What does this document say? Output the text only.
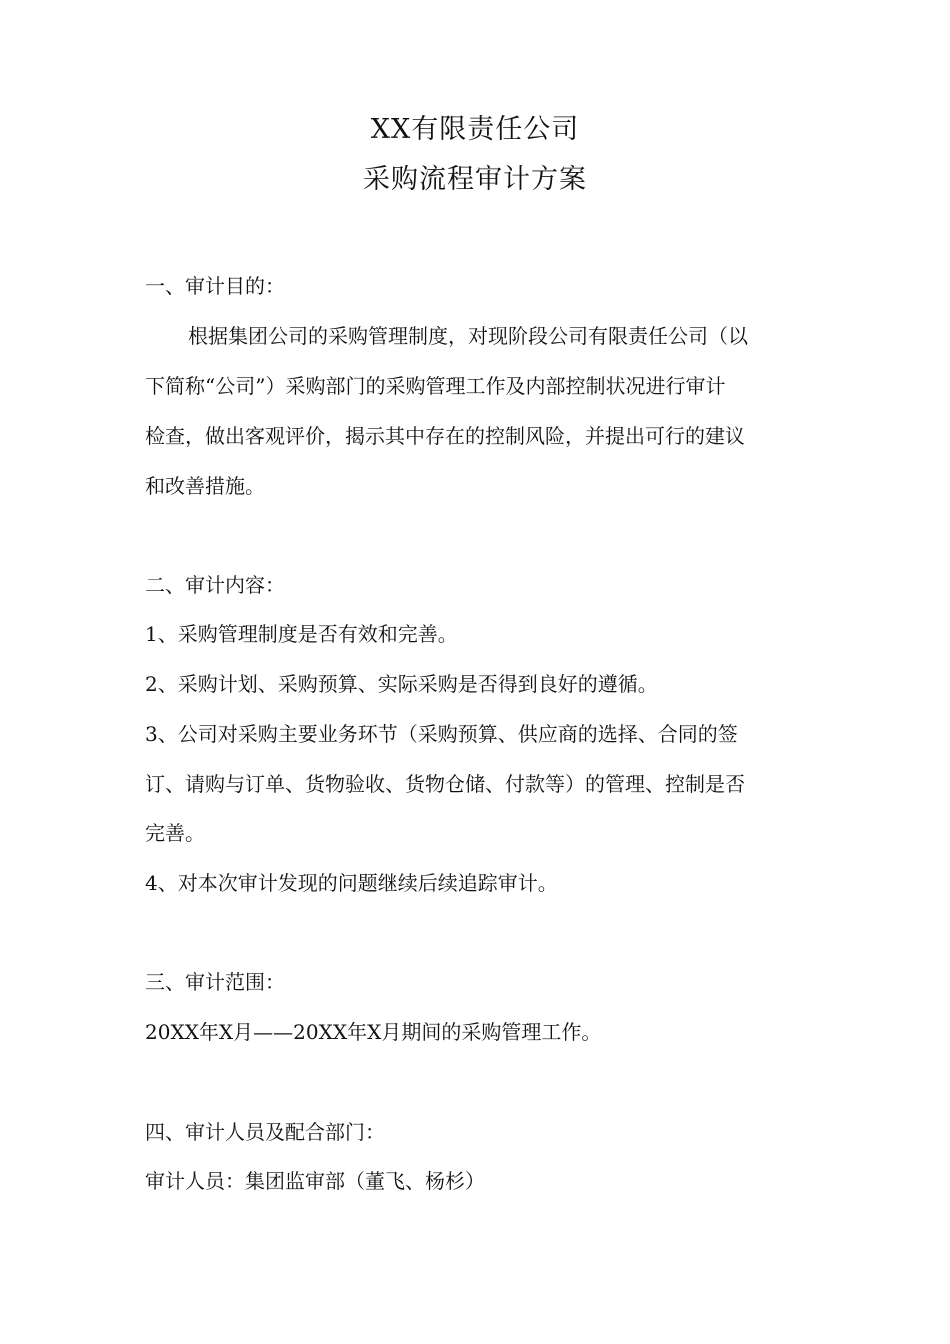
XX有限责任公司
采购流程审计方案
一、审计目的：
根据集团公司的采购管理制度，对现阶段公司有限责任公司（以
下简称“公司”）采购部门的采购管理工作及内部控制状况进行审计
检查，做出客观评价，揭示其中存在的控制风险，并提出可行的建议
和改善措施。
二、审计内容：
1、采购管理制度是否有效和完善。
2、采购计划、采购预算、实际采购是否得到良好的遵循。
3、公司对采购主要业务环节（采购预算、供应商的选择、合同的签
订、请购与订单、货物验收、货物仓储、付款等）的管理、控制是否
完善。
4、对本次审计发现的问题继续后续追踪审计。
三、审计范围：
20XX年X月——20XX年X月期间的采购管理工作。
四、审计人员及配合部门：
审计人员：集团监审部（董飞、杨杉）
